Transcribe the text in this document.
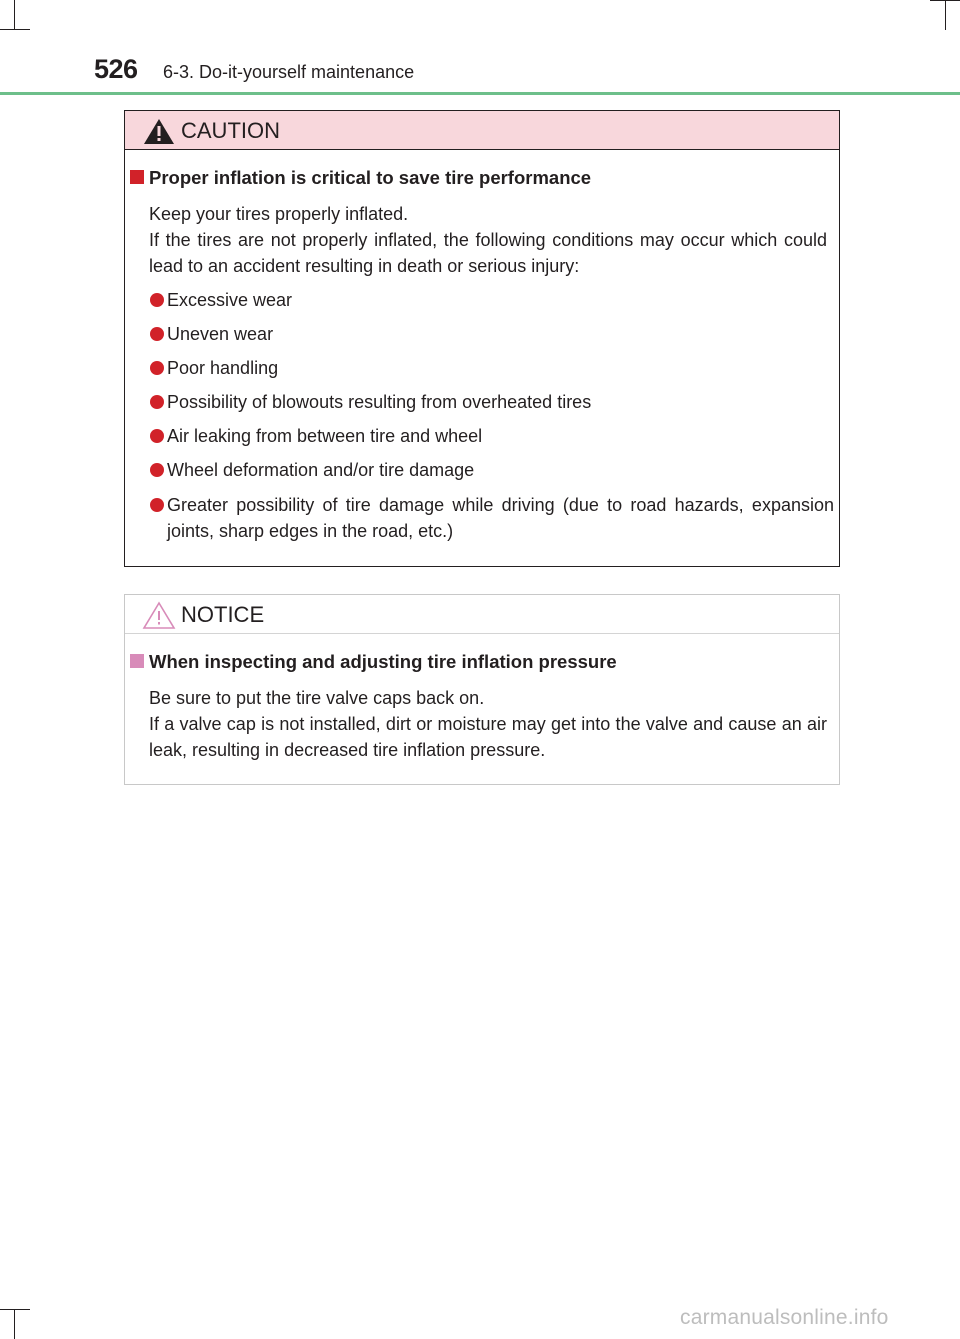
526 6-3. Do-it-yourself maintenance
CAUTION
Proper inflation is critical to save tire performance
Keep your tires properly inflated.
If the tires are not properly inflated, the following conditions may occur which could lead to an accident resulting in death or serious injury:
Excessive wear
Uneven wear
Poor handling
Possibility of blowouts resulting from overheated tires
Air leaking from between tire and wheel
Wheel deformation and/or tire damage
Greater possibility of tire damage while driving (due to road hazards, expansion joints, sharp edges in the road, etc.)
NOTICE
When inspecting and adjusting tire inflation pressure
Be sure to put the tire valve caps back on.
If a valve cap is not installed, dirt or moisture may get into the valve and cause an air leak, resulting in decreased tire inflation pressure.
carmanualsonline.info
